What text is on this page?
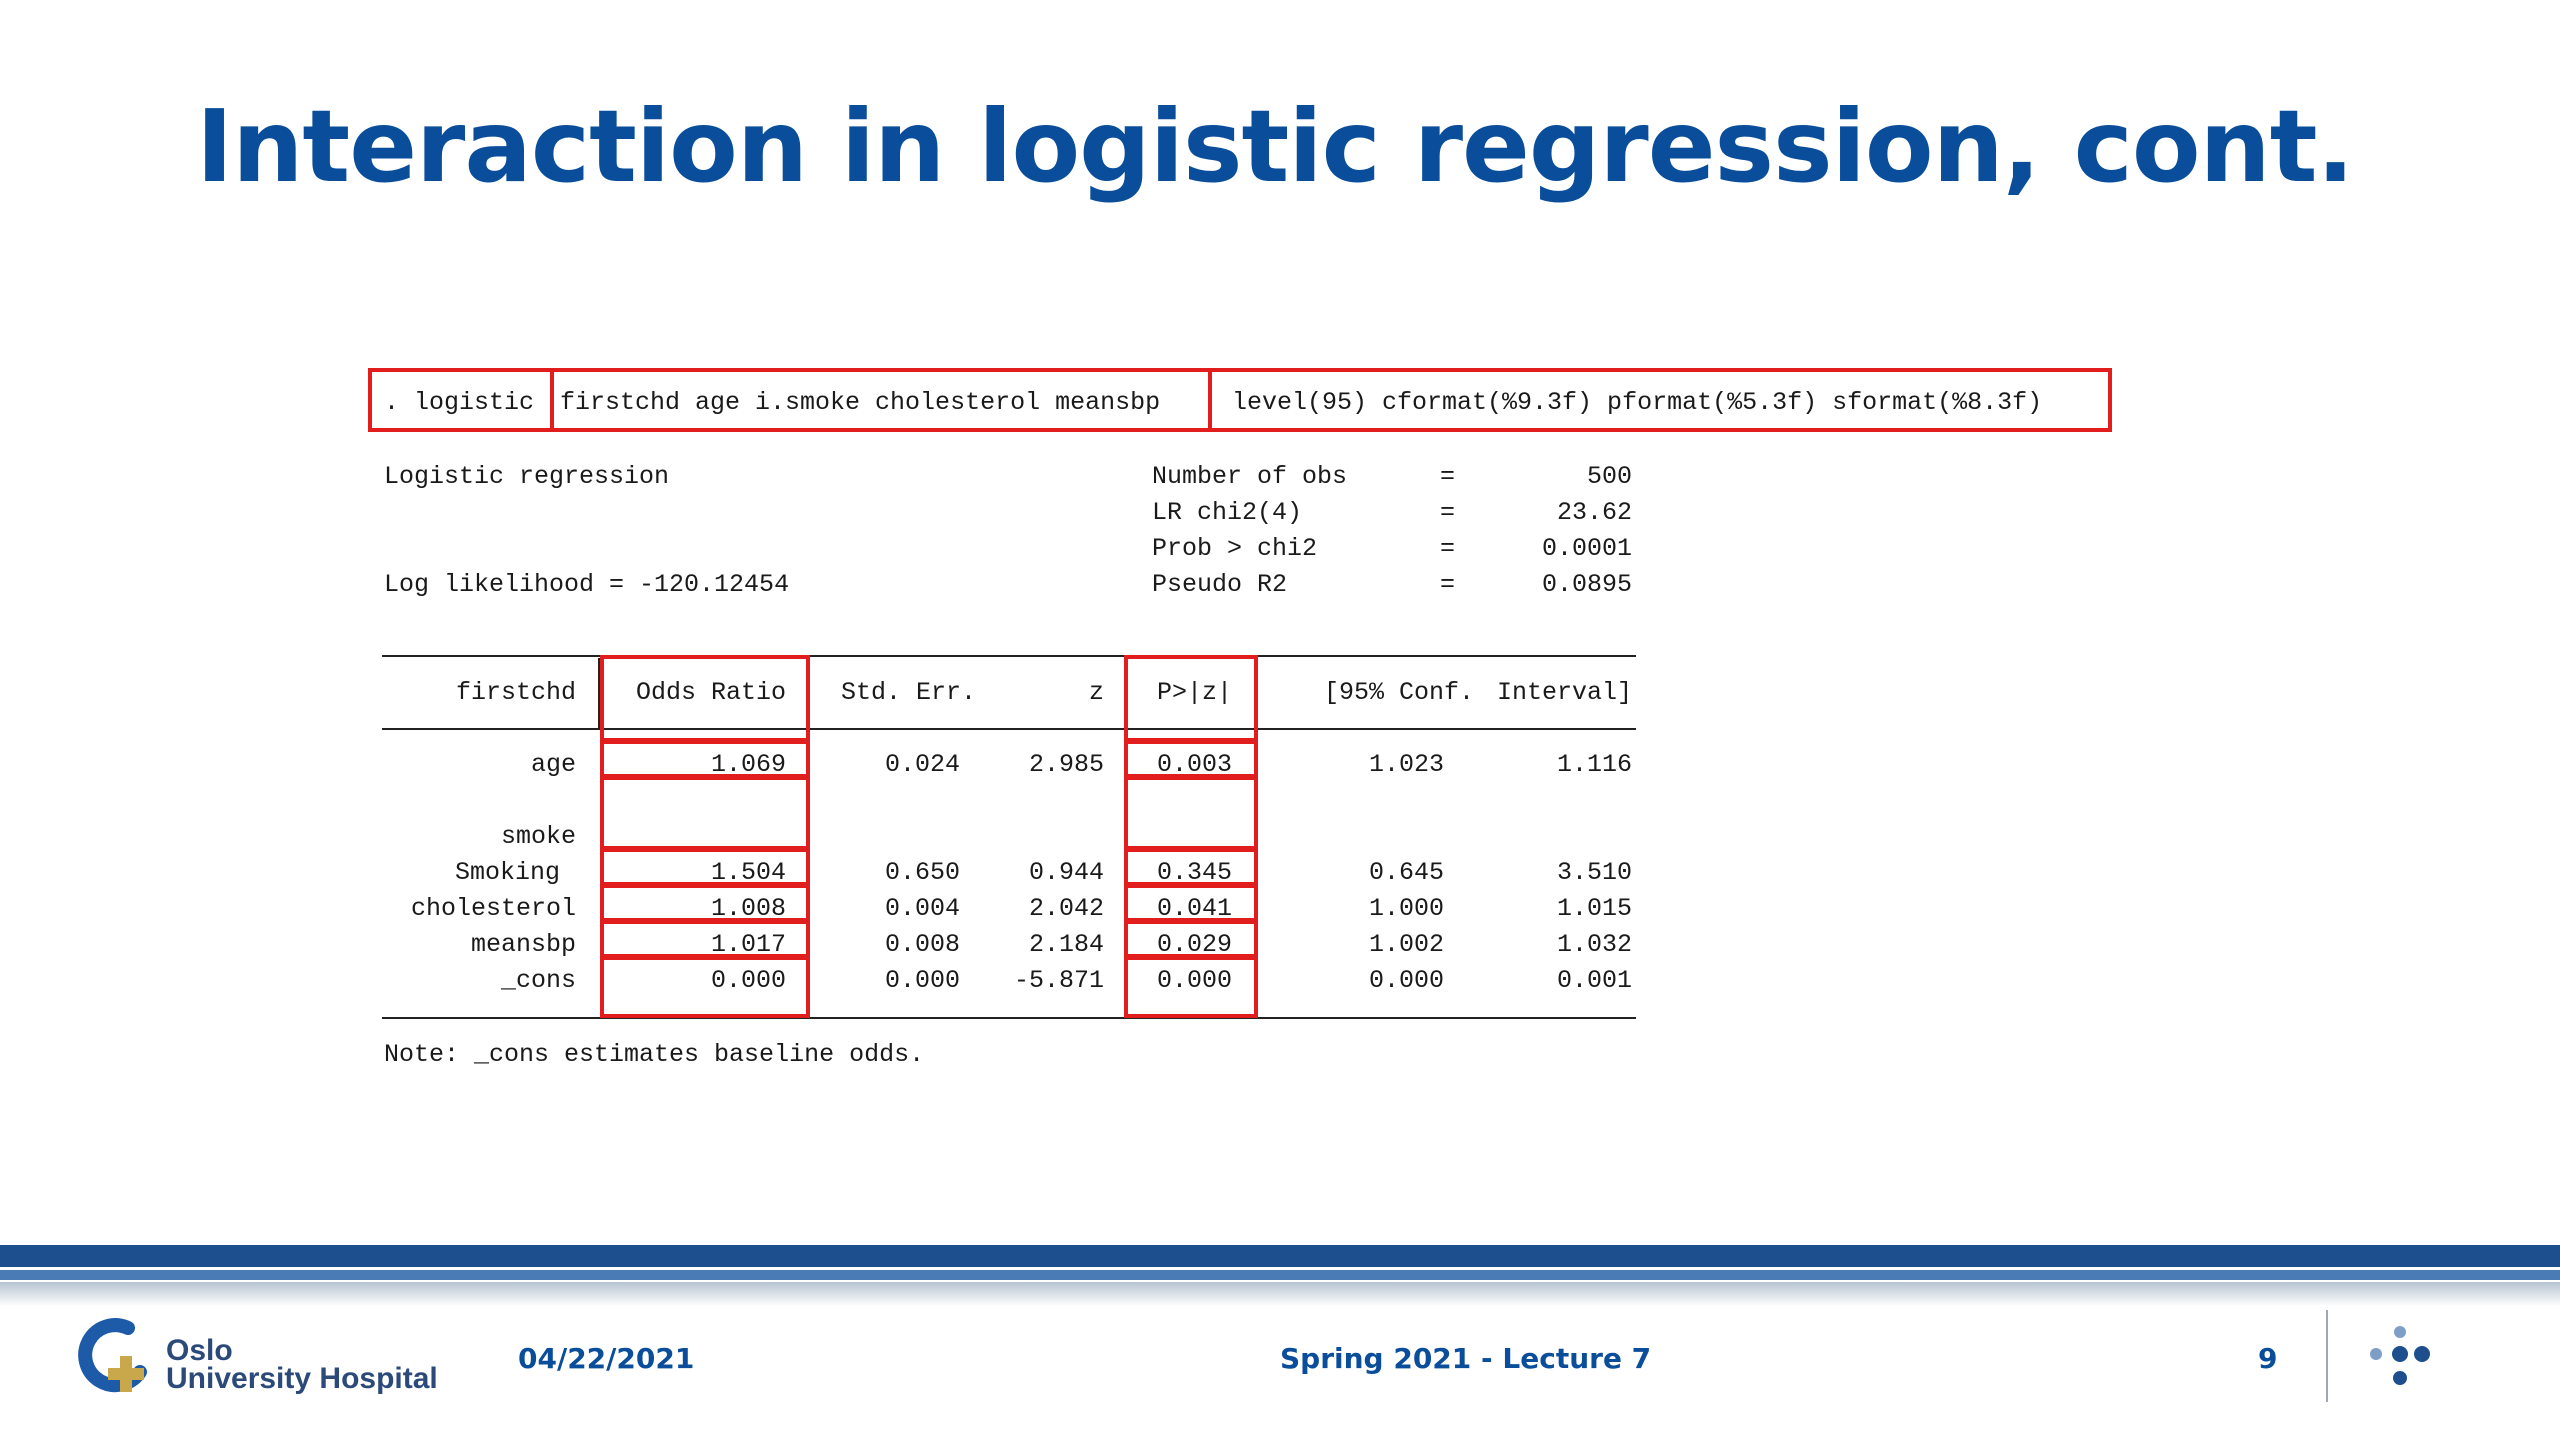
Interaction in logistic regression, cont.
. logistic firstchd age i.smoke cholesterol meansbp	level(95) cformat(%9.3f) pformat(%5.3f) sformat(%8.3f)
Logistic regression
Log likelihood = -120.12454
Number of obs	=	500
LR chi2(4)	=	23.62
Prob > chi2	=	0.0001
Pseudo R2	=	0.0895
firstchd	Odds Ratio	Std. Err.	z	P>|z|	[95% Conf. Interval]
age	1.069	0.024	2.985	0.003	1.023	1.116
smoke
Smoking	1.504	0.650	0.944	0.345	0.645	3.510
cholesterol	1.008	0.004	2.042	0.041	1.000	1.015
meansbp	1.017	0.008	2.184	0.029	1.002	1.032
_cons	0.000	0.000	-5.871	0.000	0.000	0.001
Note: _cons estimates baseline odds.
Oslo
University Hospital
04/22/2021	Spring 2021 - Lecture 7	9
